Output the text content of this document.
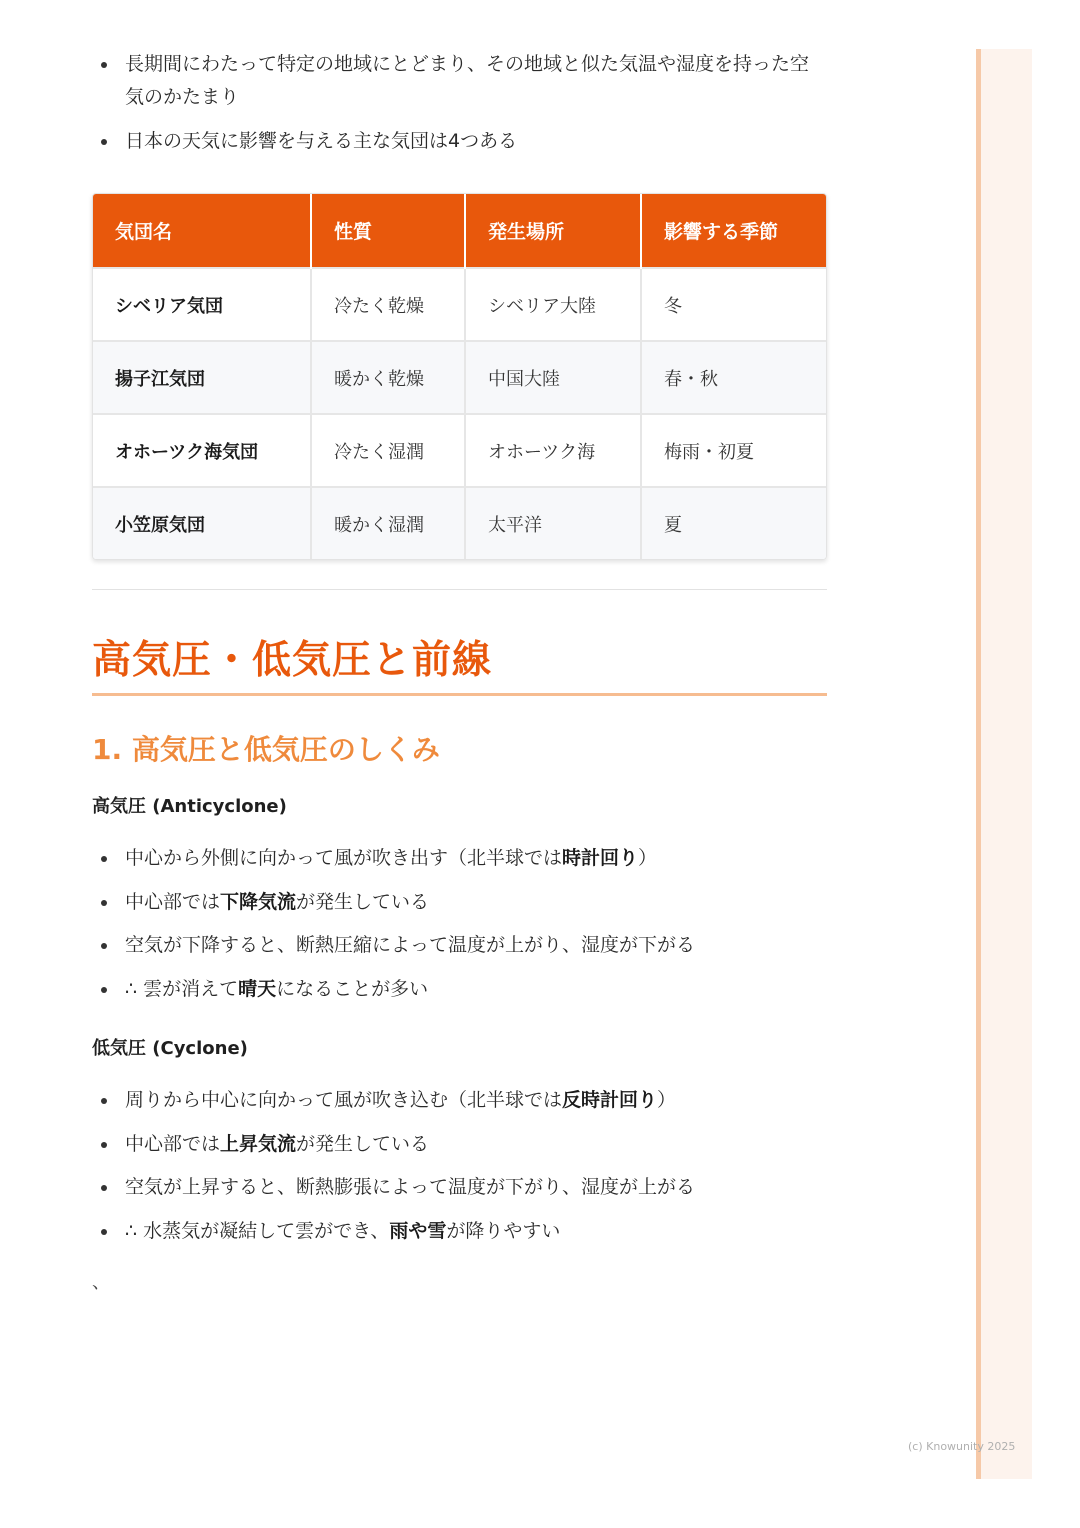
長期間にわたって特定の地域にとどまり、その地域と似た気温や湿度を持った空気のかたまり
日本の天気に影響を与える主な気団は4つある
気団名	性質	発生場所	影響する季節
シベリア気団	冷たく乾燥	シベリア大陸	冬
揚子江気団	暖かく乾燥	中国大陸	春・秋
オホーツク海気団	冷たく湿潤	オホーツク海	梅雨・初夏
小笠原気団	暖かく湿潤	太平洋	夏
高気圧・低気圧と前線
1. 高気圧と低気圧のしくみ
高気圧 (Anticyclone)
中心から外側に向かって風が吹き出す（北半球では時計回り）
中心部では下降気流が発生している
空気が下降すると、断熱圧縮によって温度が上がり、湿度が下がる
∴ 雲が消えて晴天になることが多い
低気圧 (Cyclone)
周りから中心に向かって風が吹き込む（北半球では反時計回り）
中心部では上昇気流が発生している
空気が上昇すると、断熱膨張によって温度が下がり、湿度が上がる
∴ 水蒸気が凝結して雲ができ、雨や雪が降りやすい
、
(c) Knowunity 2025
